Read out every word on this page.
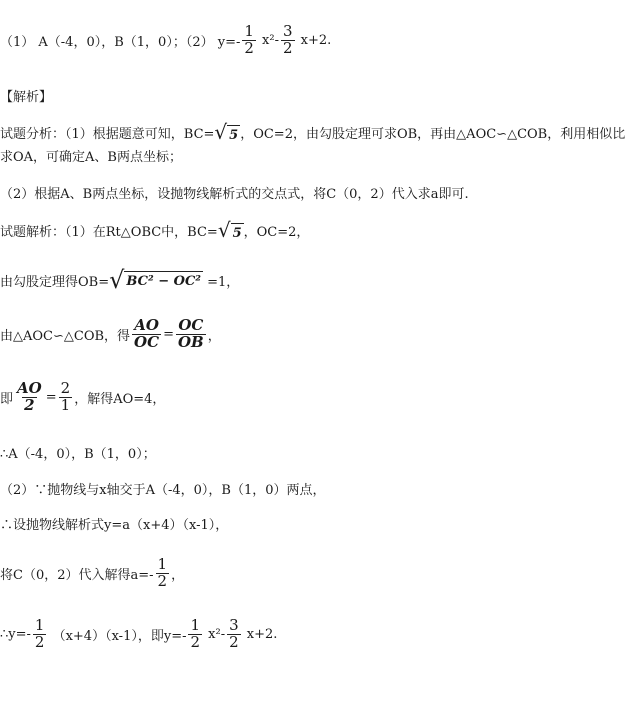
（1） A（-4，0），B（1，0）；（2） $y=- \frac{1}{2} x^2- \frac{3}{2} x+2$.
【解析】
试题分析：（1）根据题意可知，BC= √ 5 ，OC=2，由勾股定理可求OB，再由△AOC∽△COB，利用相似比
求OA，可确定A、B两点坐标；
（2）根据A、B两点坐标，设抛物线解析式的交点式，将C（0，2）代入求a即可.
试题解析：（1）在Rt△OBC中，BC= √ 5 ，OC=2，
由勾股定理得OB= √ BC² − OC² =1，
由△AOC∽△COB，得 $\frac{AO}{OC} = \frac{OC}{OB}$ ，
即 $\frac{AO}{2} = \frac{2}{1}$ ，解得AO=4，
∴A（-4，0），B（1，0）；
（2）∵抛物线与x轴交于A（-4，0），B（1，0）两点，
∴设抛物线解析式y=a（x+4）（x-1），
将C（0，2）代入解得$a=- \frac{1}{2}$ ，
∴y=- $\frac{1}{2} (x+4)(x-1)$，即$y=- \frac{1}{2} x^2- \frac{3}{2} x+2$.
